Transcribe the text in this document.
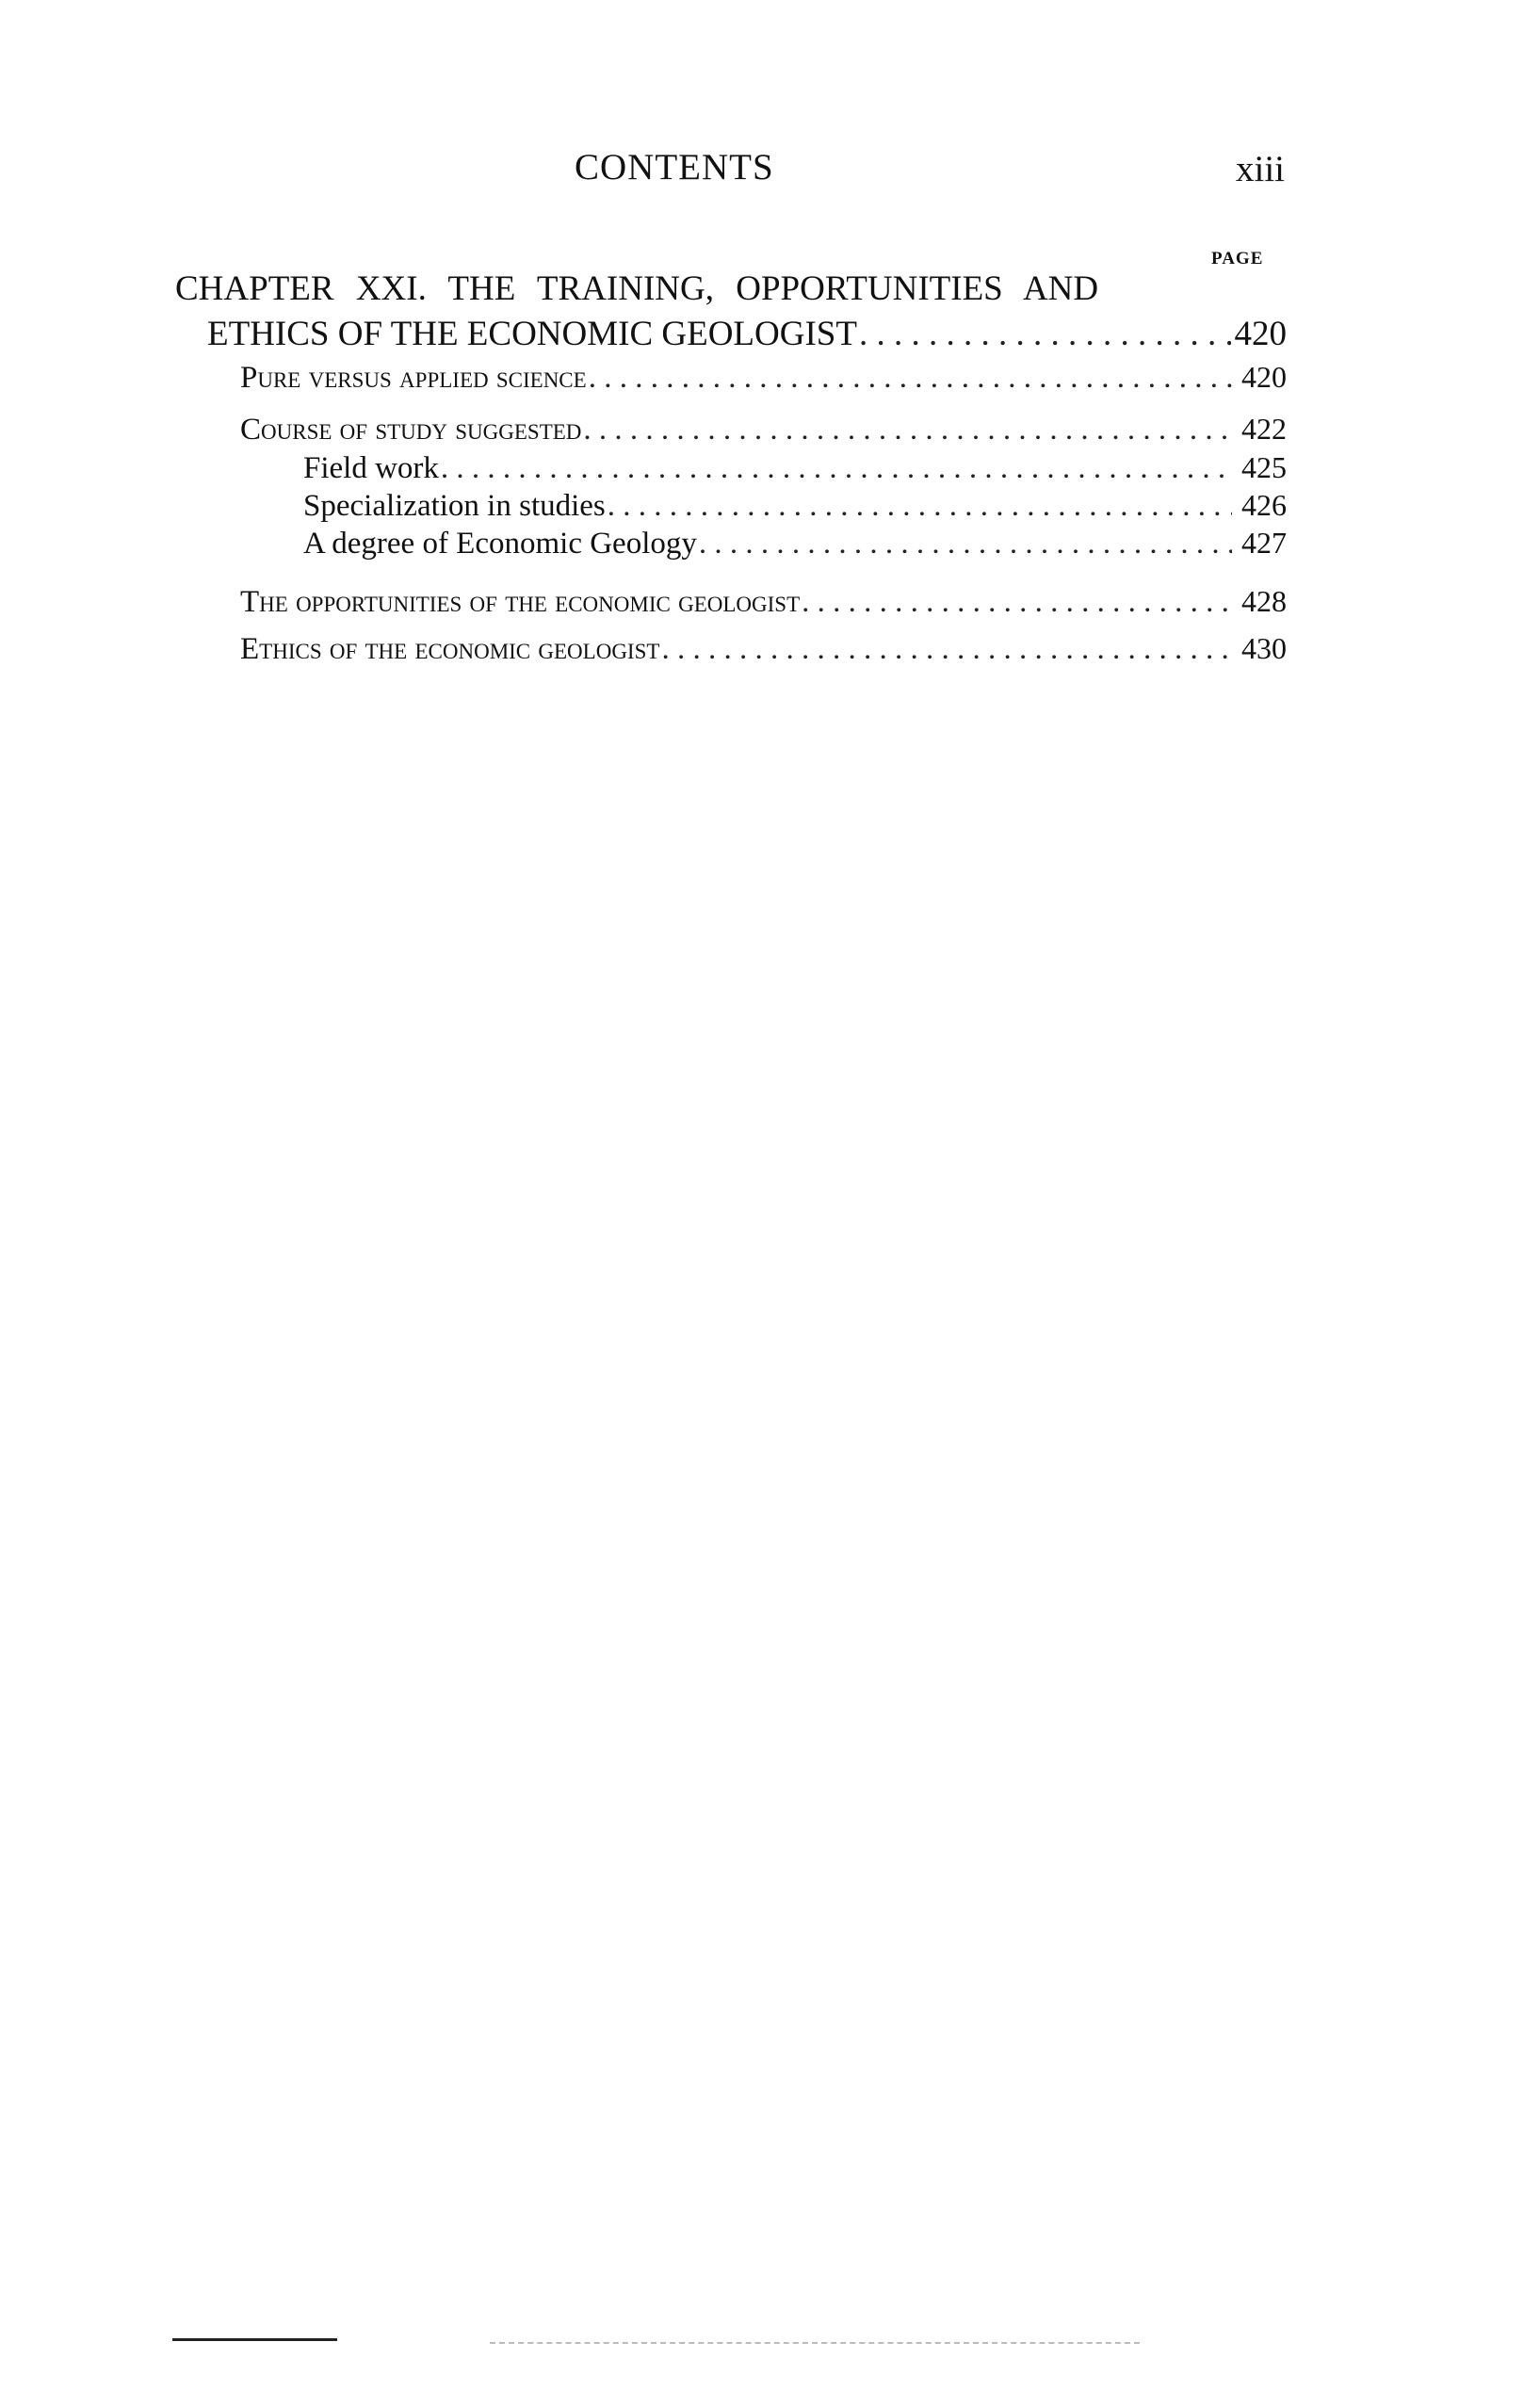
CONTENTS	xiii
PAGE
CHAPTER XXI. THE TRAINING, OPPORTUNITIES AND
ETHICS OF THE ECONOMIC GEOLOGIST . . .	420
Pure versus applied science . . .	420
Course of study suggested . . .	422
Field work . . .	425
Specialization in studies . . .	426
A degree of Economic Geology . . .	427
The opportunities of the economic geologist . . .	428
Ethics of the economic geologist . . .	430
